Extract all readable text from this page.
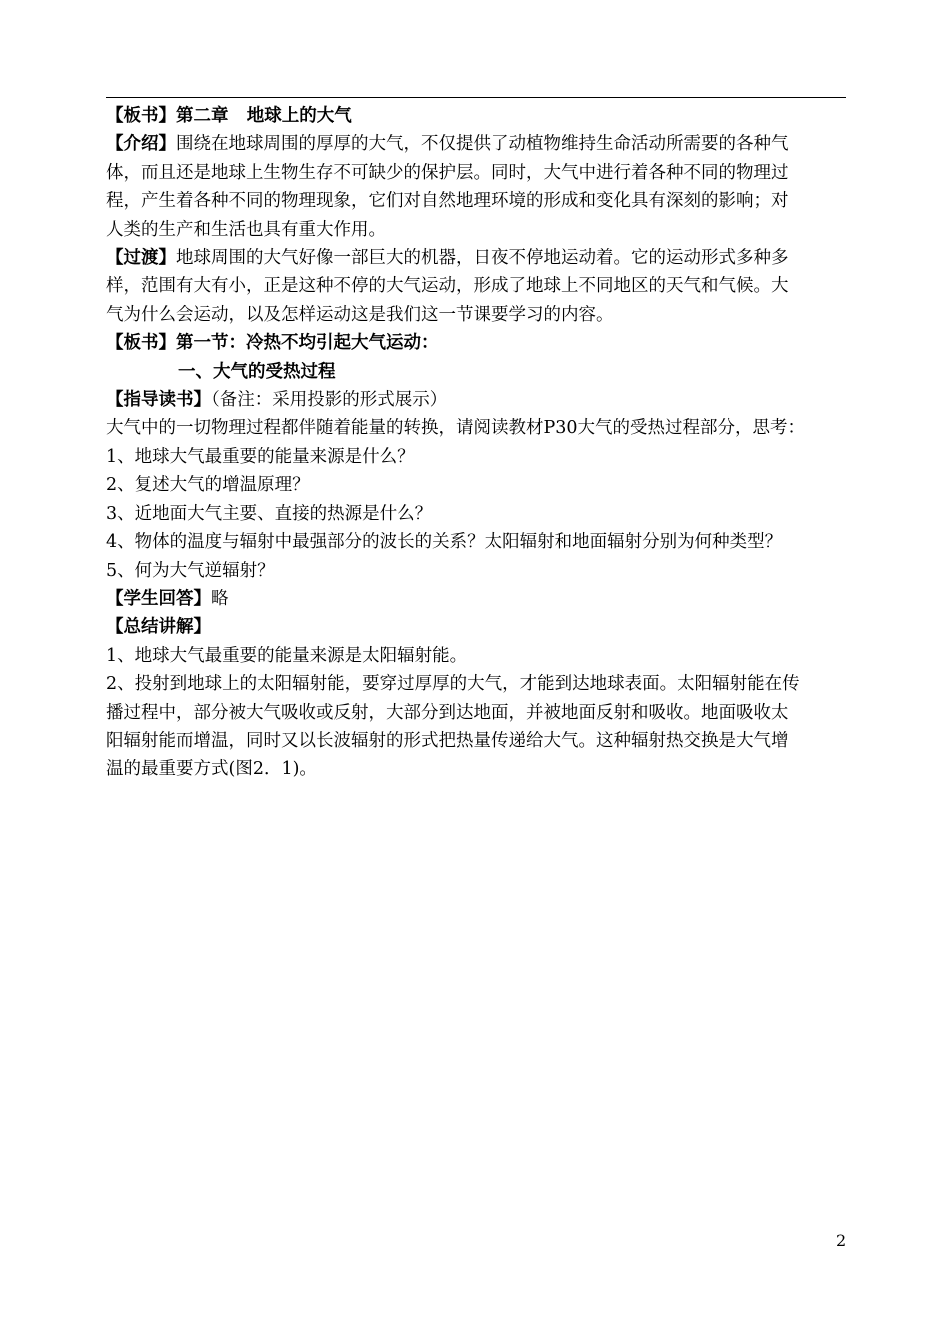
【板书】第二章 地球上的大气
【介绍】围绕在地球周围的厚厚的大气，不仅提供了动植物维持生命活动所需要的各种气
体，而且还是地球上生物生存不可缺少的保护层。同时，大气中进行着各种不同的物理过
程，产生着各种不同的物理现象，它们对自然地理环境的形成和变化具有深刻的影响；对
人类的生产和生活也具有重大作用。
【过渡】地球周围的大气好像一部巨大的机器，日夜不停地运动着。它的运动形式多种多
样，范围有大有小，正是这种不停的大气运动，形成了地球上不同地区的天气和气候。大
气为什么会运动，以及怎样运动这是我们这一节课要学习的内容。
【板书】第一节：冷热不均引起大气运动：
一、大气的受热过程
【指导读书】（备注：采用投影的形式展示）
大气中的一切物理过程都伴随着能量的转换，请阅读教材P30大气的受热过程部分，思考：
1、地球大气最重要的能量来源是什么？
2、复述大气的增温原理？
3、近地面大气主要、直接的热源是什么？
4、物体的温度与辐射中最强部分的波长的关系？太阳辐射和地面辐射分别为何种类型？
5、何为大气逆辐射？
【学生回答】略
【总结讲解】
1、地球大气最重要的能量来源是太阳辐射能。
2、投射到地球上的太阳辐射能，要穿过厚厚的大气，才能到达地球表面。太阳辐射能在传
播过程中，部分被大气吸收或反射，大部分到达地面，并被地面反射和吸收。地面吸收太
阳辐射能而增温，同时又以长波辐射的形式把热量传递给大气。这种辐射热交换是大气增
温的最重要方式(图2．1)。
2
